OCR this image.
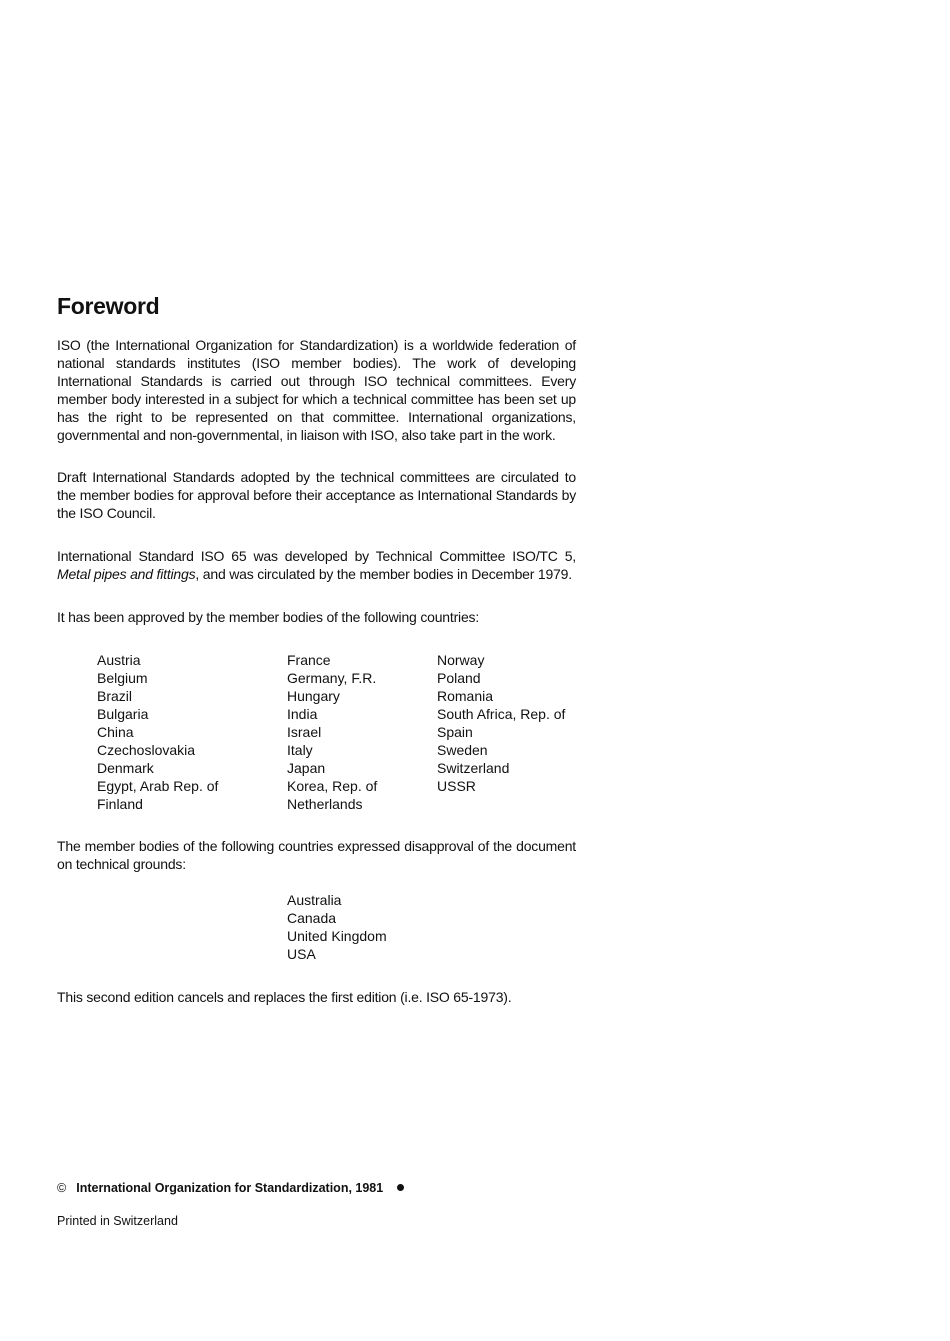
Foreword

ISO (the International Organization for Standardization) is a worldwide federation of national standards institutes (ISO member bodies). The work of developing International Standards is carried out through ISO technical committees. Every member body interested in a subject for which a technical committee has been set up has the right to be represented on that committee. International organizations, governmental and non-governmental, in liaison with ISO, also take part in the work.

Draft International Standards adopted by the technical committees are circulated to the member bodies for approval before their acceptance as International Standards by the ISO Council.

International Standard ISO 65 was developed by Technical Committee ISO/TC 5, Metal pipes and fittings, and was circulated by the member bodies in December 1979.

It has been approved by the member bodies of the following countries:

Austria
Belgium
Brazil
Bulgaria
China
Czechoslovakia
Denmark
Egypt, Arab Rep. of
Finland
France
Germany, F.R.
Hungary
India
Israel
Italy
Japan
Korea, Rep. of
Netherlands
Norway
Poland
Romania
South Africa, Rep. of
Spain
Sweden
Switzerland
USSR

The member bodies of the following countries expressed disapproval of the document on technical grounds:

Australia
Canada
United Kingdom
USA

This second edition cancels and replaces the first edition (i.e. ISO 65-1973).

© International Organization for Standardization, 1981
Printed in Switzerland
